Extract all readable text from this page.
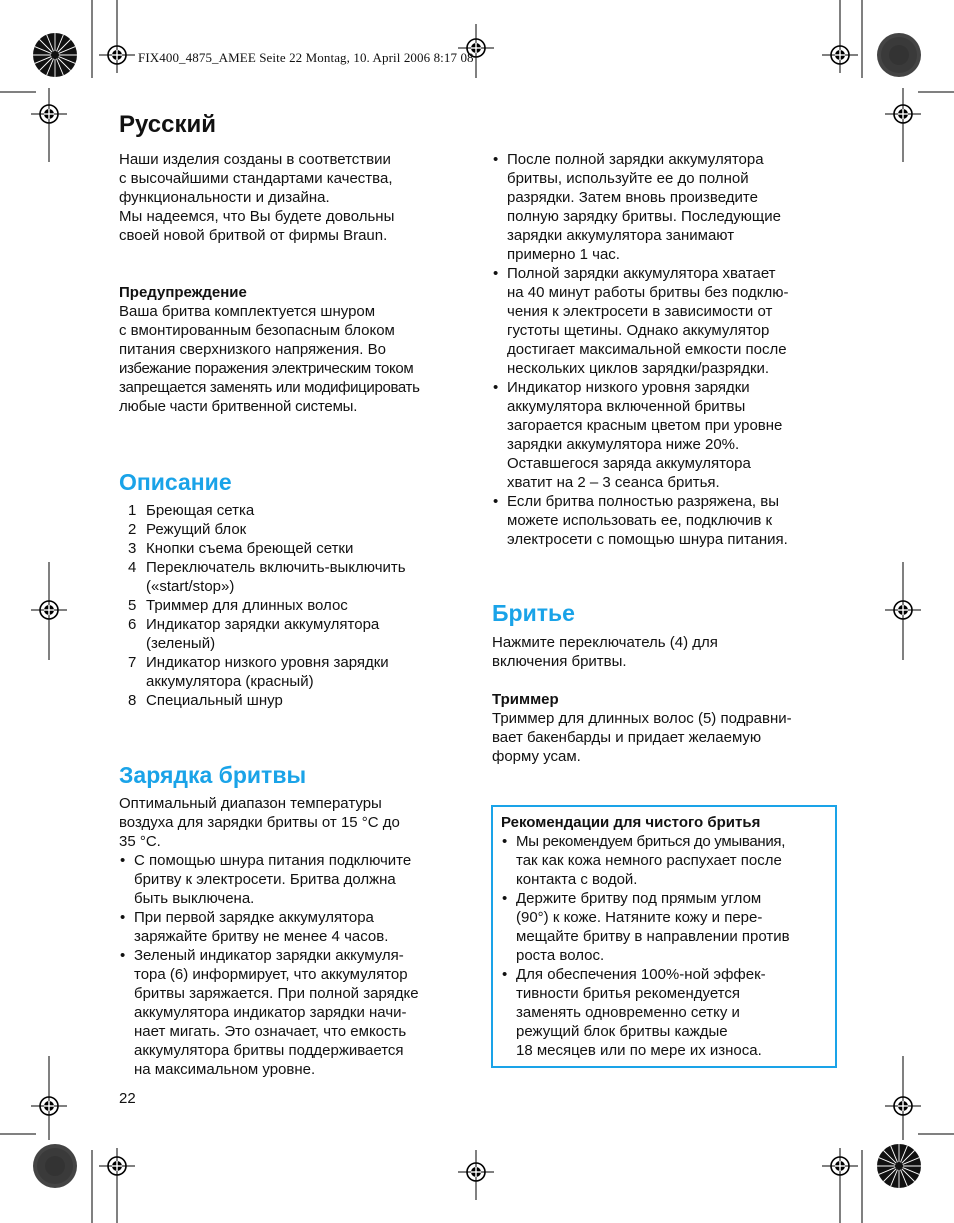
FIX400_4875_AMEE Seite 22 Montag, 10. April 2006 8:17 08
Русский

Наши изделия созданы в соответствии

с высочайшими стандартами качества,

функциональности и дизайна.

Мы надеемся, что Вы будете довольны

своей новой бритвой от фирмы Braun.

Предупреждение

Ваша бритва комплектуется шнуром

с вмонтированным безопасным блоком

питания сверхнизкого напряжения. Во

избежание поражения электрическим током

запрещается заменять или модифицировать

любые части бритвенной системы.

Описание
1 Бреющая сетка
2 Режущий блок
3 Кнопки съема бреющей сетки
4 Переключатель включить-выключить
(«start/stop»)
5 Триммер для длинных волос
6 Индикатор зарядки аккумулятора
(зеленый)
7 Индикатор низкого уровня зарядки
аккумулятора (красный)
8 Специальный шнур
Зарядка бритвы

Оптимальный диапазон температуры

воздуха для зарядки бритвы от 15 °C до

35 °C.

• С помощью шнура питания подключите
бритву к электросети. Бритва должна
быть выключена.
• При первой зарядке аккумулятора
заряжайте бритву не менее 4 часов.
• Зеленый индикатор зарядки аккумуля-
тора (6) информирует, что аккумулятор
бритвы заряжается. При полной зарядке
аккумулятора индикатор зарядки начи-
нает мигать. Это означает, что емкость
аккумулятора бритвы поддерживается
на максимальном уровне.
• После полной зарядки аккумулятора
бритвы, используйте ее до полной
разрядки. Затем вновь произведите
полную зарядку бритвы. Последующие
зарядки аккумулятора занимают
примерно 1 час.
• Полной зарядки аккумулятора хватает
на 40 минут работы бритвы без подклю-
чения к электросети в зависимости от
густоты щетины. Однако аккумулятор
достигает максимальной емкости после
нескольких циклов зарядки/разрядки.
• Индикатор низкого уровня зарядки
аккумулятора включенной бритвы
загорается красным цветом при уровне
зарядки аккумулятора ниже 20%.
Оставшегося заряда аккумулятора
хватит на 2 – 3 сеанса бритья.
• Если бритва полностью разряжена, вы
можете использовать ее, подключив к
электросети с помощью шнура питания.
Бритье

Нажмите переключатель (4) для

включения бритвы.

Триммер

Триммер для длинных волос (5) подравни-

вает бакенбарды и придает желаемую

форму усам.

Рекомендации для чистого бритья

• Мы рекомендуем бриться до умывания,
так как кожа немного распухает после
контакта с водой.
• Держите бритву под прямым углом
(90°) к коже. Натяните кожу и пере-
мещайте бритву в направлении против
роста волос.
• Для обеспечения 100%-ной эффек-
тивности бритья рекомендуется
заменять одновременно сетку и
режущий блок бритвы каждые
18 месяцев или по мере их износа.
22
